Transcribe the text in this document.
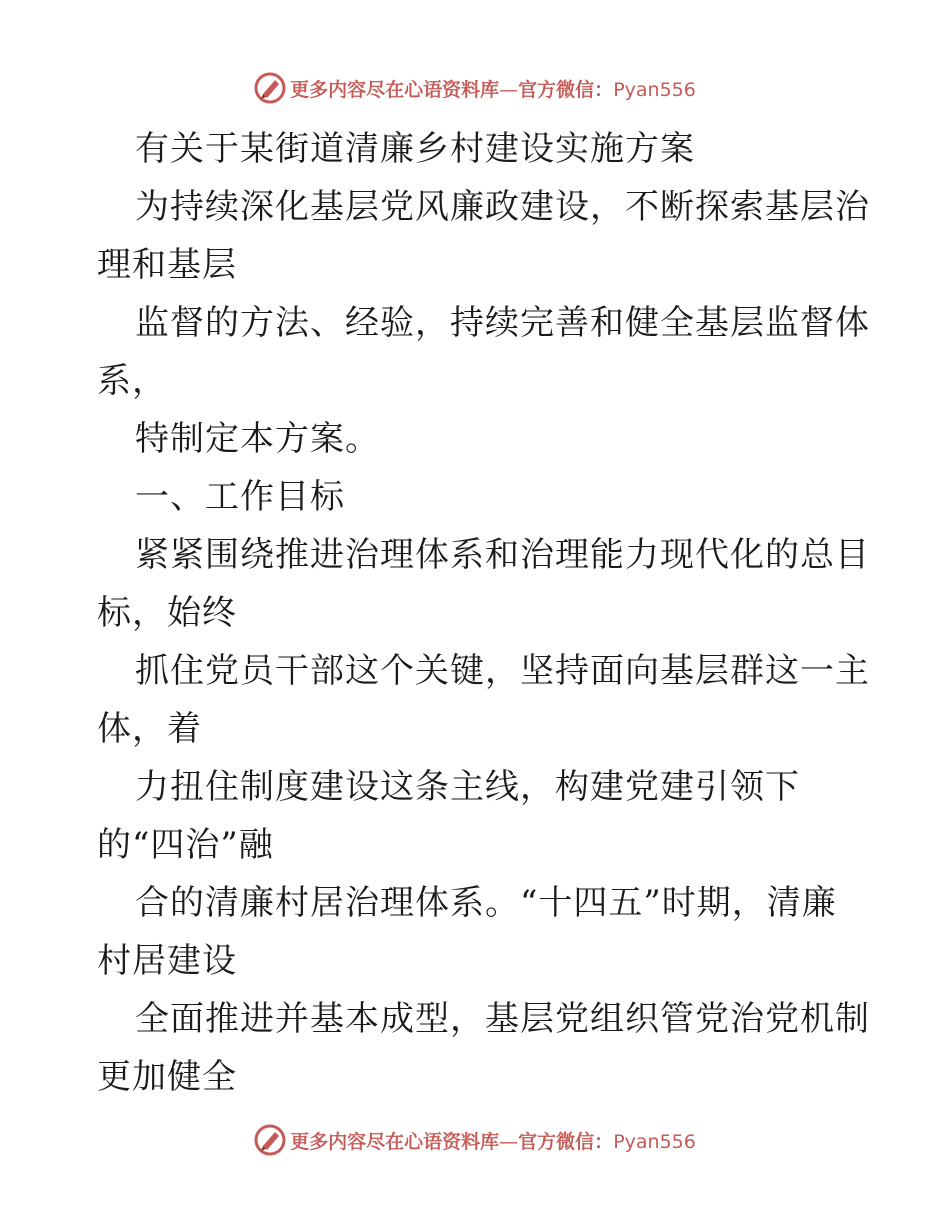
更多内容尽在心语资料库—官方微信：Pyan556
有关于某街道清廉乡村建设实施方案
为持续深化基层党风廉政建设，不断探索基层治
理和基层
监督的方法、经验，持续完善和健全基层监督体
系，
特制定本方案。
一、工作目标
紧紧围绕推进治理体系和治理能力现代化的总目
标，始终
抓住党员干部这个关键，坚持面向基层群这一主
体，着
力扭住制度建设这条主线，构建党建引领下
的“四治”融
合的清廉村居治理体系。“十四五”时期，清廉
村居建设
全面推进并基本成型，基层党组织管党治党机制
更加健全
更多内容尽在心语资料库—官方微信：Pyan556
